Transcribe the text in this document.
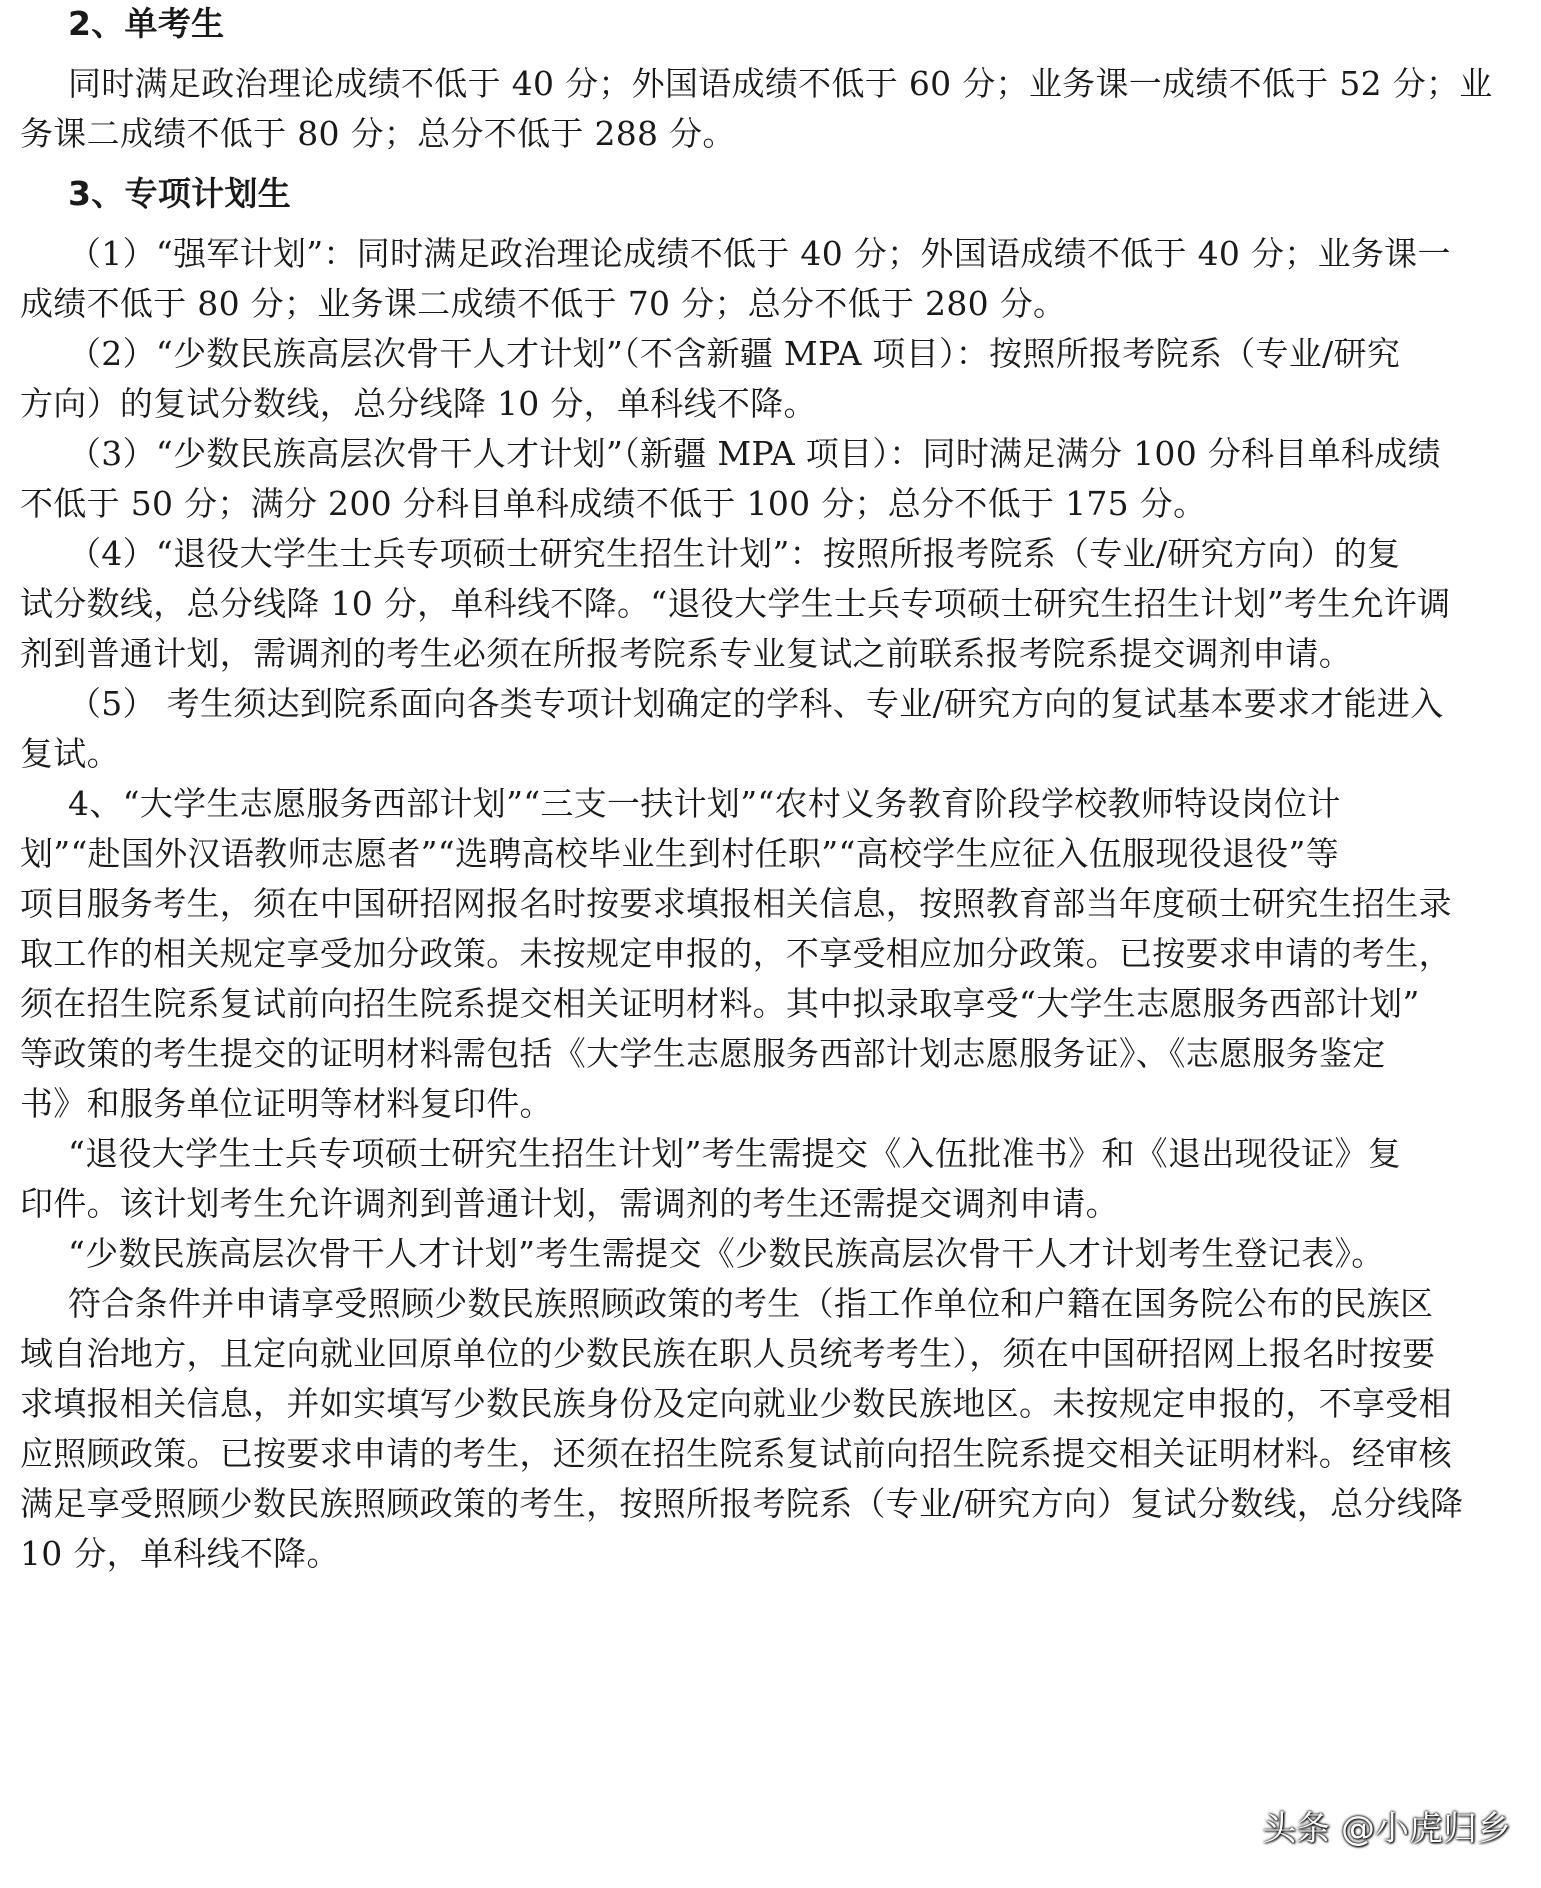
2、单考生
同时满足政治理论成绩不低于 40 分；外国语成绩不低于 60 分；业务课一成绩不低于 52 分；业
务课二成绩不低于 80 分；总分不低于 288 分。
3、专项计划生
（1）“强军计划”：同时满足政治理论成绩不低于 40 分；外国语成绩不低于 40 分；业务课一
成绩不低于 80 分；业务课二成绩不低于 70 分；总分不低于 280 分。
（2）“少数民族高层次骨干人才计划”（不含新疆 MPA 项目）：按照所报考院系（专业/研究
方向）的复试分数线，总分线降 10 分，单科线不降。
（3）“少数民族高层次骨干人才计划”（新疆 MPA 项目）：同时满足满分 100 分科目单科成绩
不低于 50 分；满分 200 分科目单科成绩不低于 100 分；总分不低于 175 分。
（4）“退役大学生士兵专项硕士研究生招生计划”：按照所报考院系（专业/研究方向）的复
试分数线，总分线降 10 分，单科线不降。“退役大学生士兵专项硕士研究生招生计划”考生允许调
剂到普通计划，需调剂的考生必须在所报考院系专业复试之前联系报考院系提交调剂申请。
（5） 考生须达到院系面向各类专项计划确定的学科、专业/研究方向的复试基本要求才能进入
复试。
4、“大学生志愿服务西部计划”“三支一扶计划”“农村义务教育阶段学校教师特设岗位计
划”“赴国外汉语教师志愿者”“选聘高校毕业生到村任职”“高校学生应征入伍服现役退役”等
项目服务考生，须在中国研招网报名时按要求填报相关信息，按照教育部当年度硕士研究生招生录
取工作的相关规定享受加分政策。未按规定申报的，不享受相应加分政策。已按要求申请的考生，
须在招生院系复试前向招生院系提交相关证明材料。其中拟录取享受“大学生志愿服务西部计划”
等政策的考生提交的证明材料需包括《大学生志愿服务西部计划志愿服务证》、《志愿服务鉴定
书》和服务单位证明等材料复印件。
“退役大学生士兵专项硕士研究生招生计划”考生需提交《入伍批准书》和《退出现役证》复
印件。该计划考生允许调剂到普通计划，需调剂的考生还需提交调剂申请。
“少数民族高层次骨干人才计划”考生需提交《少数民族高层次骨干人才计划考生登记表》。
符合条件并申请享受照顾少数民族照顾政策的考生（指工作单位和户籍在国务院公布的民族区
域自治地方，且定向就业回原单位的少数民族在职人员统考考生），须在中国研招网上报名时按要
求填报相关信息，并如实填写少数民族身份及定向就业少数民族地区。未按规定申报的，不享受相
应照顾政策。已按要求申请的考生，还须在招生院系复试前向招生院系提交相关证明材料。经审核
满足享受照顾少数民族照顾政策的考生，按照所报考院系（专业/研究方向）复试分数线，总分线降
10 分，单科线不降。
头条 @小虎归乡
